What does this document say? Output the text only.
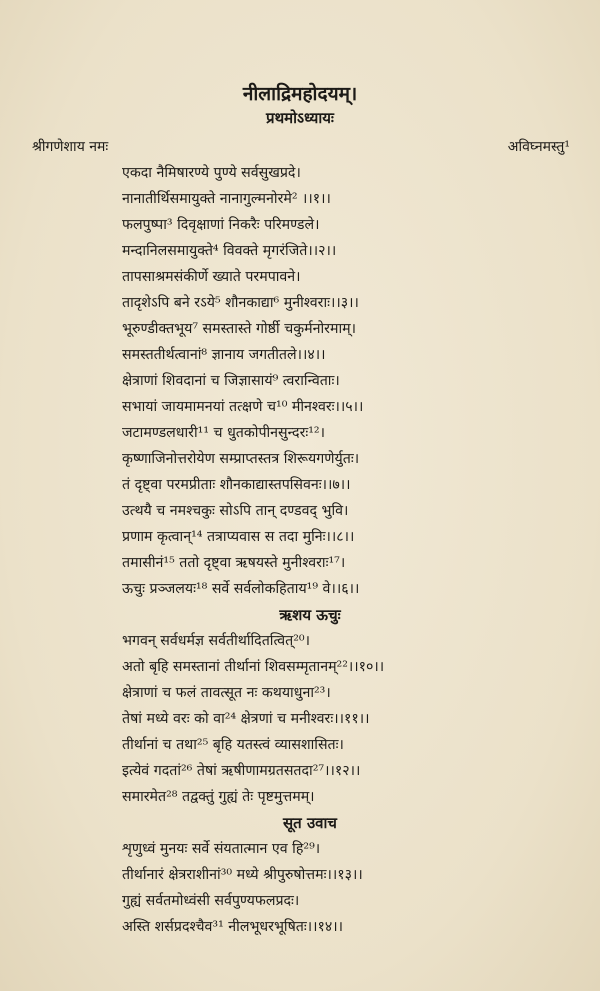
नीलाद्रिमहोदयम्।
प्रथमोऽध्यायः
श्रीगणेशाय नमः	अविघ्नमस्तु¹
एकदा नैमिषारण्ये पुण्ये सर्वसुखप्रदे।
नानातीर्थिसमायुक्ते नानागुल्मनोरमे² ।।१।।
फलपुष्पा³ दिवृक्षाणां निकरैः परिमण्डले।
मन्दानिलसमायुक्ते⁴ विवक्ते मृगरंजिते।।२।।
तापसाश्रमसंकीर्णे ख्याते परमपावने।
तादृशेऽपि बने रऽये⁵ शौनकाद्या⁶ मुनीश्वराः।।३।।
भूरुण्डीक्तभूय⁷ समस्तास्ते गोर्ष्ठी चकुर्मनोरमाम्।
समस्ततीर्थत्वानां⁸ ज्ञानाय जगतीतले।।४।।
क्षेत्राणां शिवदानां च जिज्ञासायं⁹ त्वरान्विताः।
सभायां जायमामनयां तत्क्षणे च¹⁰ मीनश्वरः।।५।।
जटामण्डलधारी¹¹ च धुतकोपीनसुन्दरः¹²।
कृष्णाजिनोत्तरोयेण सम्प्राप्तस्तत्र शिरूयगणेर्युतः।
तं दृष्ट्वा परमप्रीताः शौनकाद्यास्तपसिवनः।।७।।
उत्थयै च नमश्चकुः सोऽपि तान् दण्डवद् भुवि।
प्रणाम कृत्वान्¹⁴ तत्राप्यवास स तदा मुनिः।।८।।
तमासीनं¹⁵ ततो दृष्ट्वा ऋषयस्ते मुनीश्वराः¹⁷।
ऊचुः प्रञ्जलयः¹⁸ सर्वे सर्वलोकहिताय¹⁹ वे।।६।।
ऋशय ऊचुः
भगवन् सर्वधर्मज्ञ सर्वतीर्थादितत्वित्²⁰।
अतो बृहि समस्तानां तीर्थानां शिवसम्मृतानम्²²।।१०।।
क्षेत्राणां च फलं तावत्सूत नः कथयाधुना²³।
तेषां मध्ये वरः को वा²⁴ क्षेत्रणां च मनीश्वरः।।११।।
तीर्थानां च तथा²⁵ बृहि यतस्त्वं व्यासशासितः।
इत्येवं गदतां²⁶ तेषां ऋषीणामग्रतसतदा²⁷।।१२।।
समारमेत²⁸ तद्वक्तुं गुह्यं तेः पृष्टमुत्तमम्।
सूत उवाच
शृणुध्वं मुनयः सर्वे संयतात्मान एव हि²⁹।
तीर्थानारं क्षेत्रराशीनां³⁰ मध्ये श्रीपुरुषोत्तमः।।१३।।
गुह्यं सर्वतमोध्वंसी सर्वपुण्यफलप्रदः।
अस्ति शर्सप्रदश्चैव³¹ नीलभूधरभूषितः।।१४।।
